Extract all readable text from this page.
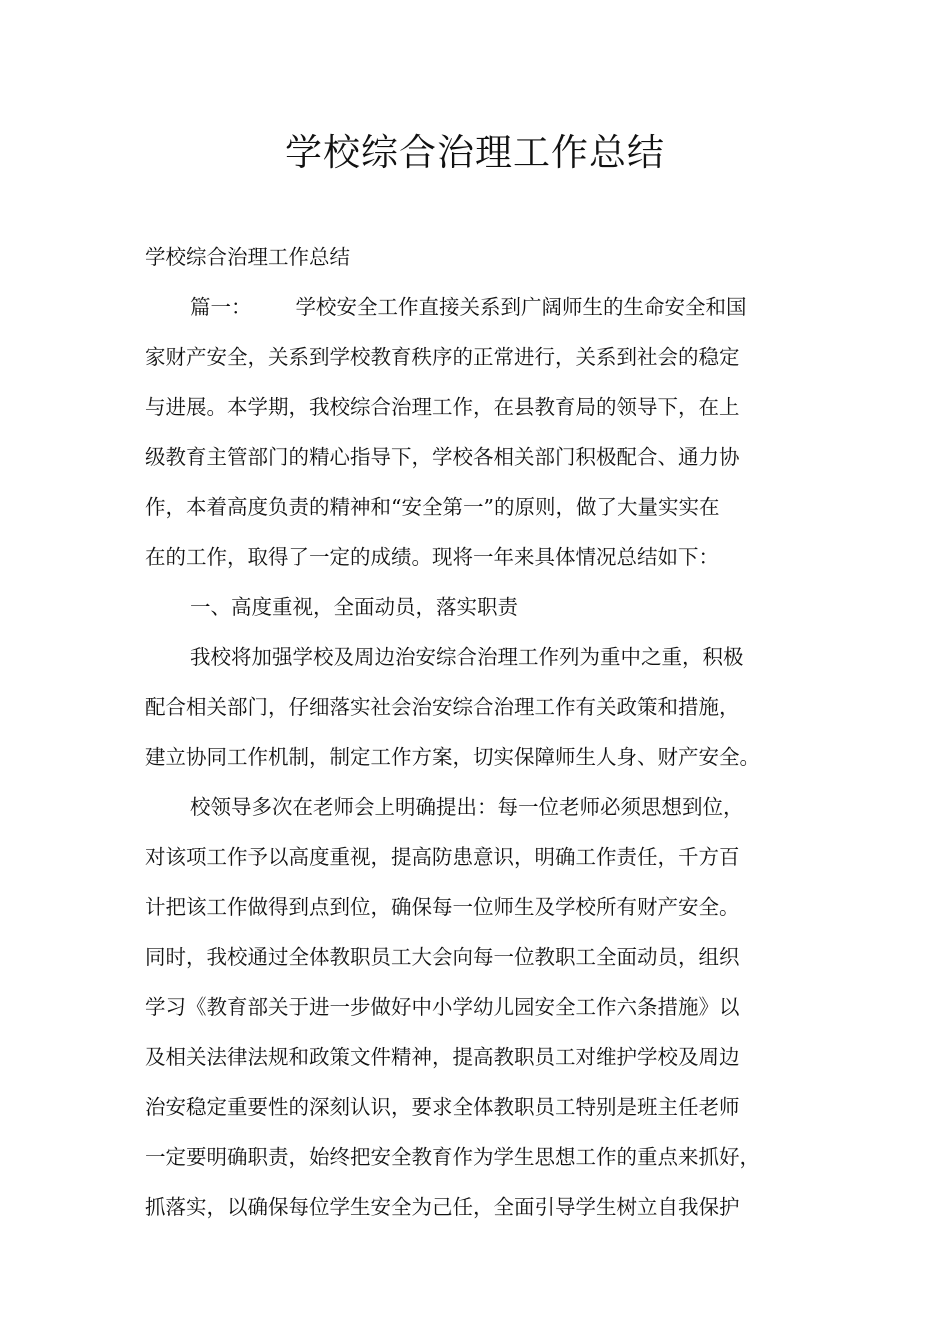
学校综合治理工作总结
学校综合治理工作总结
篇一： 学校安全工作直接关系到广阔师生的生命安全和国
家财产安全，关系到学校教育秩序的正常进行，关系到社会的稳定
与进展。本学期，我校综合治理工作，在县教育局的领导下，在上
级教育主管部门的精心指导下，学校各相关部门积极配合、通力协
作，本着高度负责的精神和“安全第一”的原则，做了大量实实在
在的工作，取得了一定的成绩。现将一年来具体情况总结如下：
一、高度重视，全面动员，落实职责
我校将加强学校及周边治安综合治理工作列为重中之重，积极
配合相关部门，仔细落实社会治安综合治理工作有关政策和措施，
建立协同工作机制，制定工作方案，切实保障师生人身、财产安全。
校领导多次在老师会上明确提出：每一位老师必须思想到位，
对该项工作予以高度重视，提高防患意识，明确工作责任，千方百
计把该工作做得到点到位，确保每一位师生及学校所有财产安全。
同时，我校通过全体教职员工大会向每一位教职工全面动员，组织
学习《教育部关于进一步做好中小学幼儿园安全工作六条措施》以
及相关法律法规和政策文件精神，提高教职员工对维护学校及周边
治安稳定重要性的深刻认识，要求全体教职员工特别是班主任老师
一定要明确职责，始终把安全教育作为学生思想工作的重点来抓好，
抓落实，以确保每位学生安全为己任，全面引导学生树立自我保护
